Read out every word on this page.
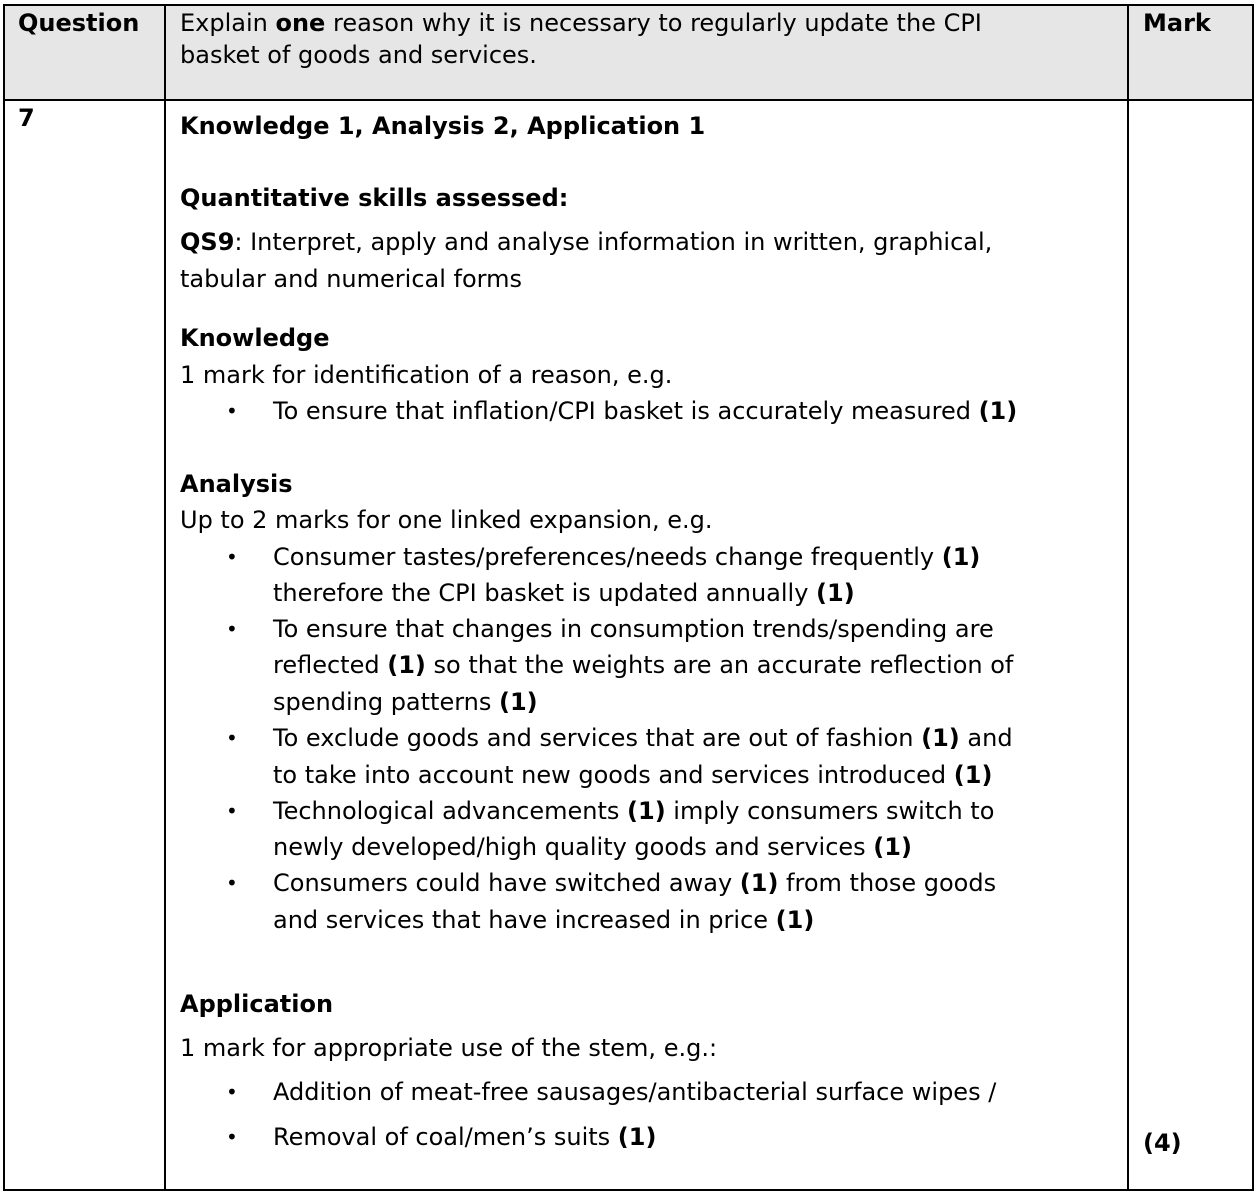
Question	Mark
7
(4)
Explain one reason why it is necessary to regularly update the CPI
basket of goods and services.
Knowledge 1, Analysis 2, Application 1
Quantitative skills assessed:
QS9: Interpret, apply and analyse information in written, graphical,
tabular and numerical forms
Knowledge
1 mark for identification of a reason, e.g.
• To ensure that inflation/CPI basket is accurately measured (1)
Analysis
Up to 2 marks for one linked expansion, e.g.
• Consumer tastes/preferences/needs change frequently (1)
therefore the CPI basket is updated annually (1)
• To ensure that changes in consumption trends/spending are
reflected (1) so that the weights are an accurate reflection of
spending patterns (1)
• To exclude goods and services that are out of fashion (1) and
to take into account new goods and services introduced (1)
• Technological advancements (1) imply consumers switch to
newly developed/high quality goods and services (1)
• Consumers could have switched away (1) from those goods
and services that have increased in price (1)
Application
1 mark for appropriate use of the stem, e.g.:
• Addition of meat-free sausages/antibacterial surface wipes /
• Removal of coal/men’s suits (1)
